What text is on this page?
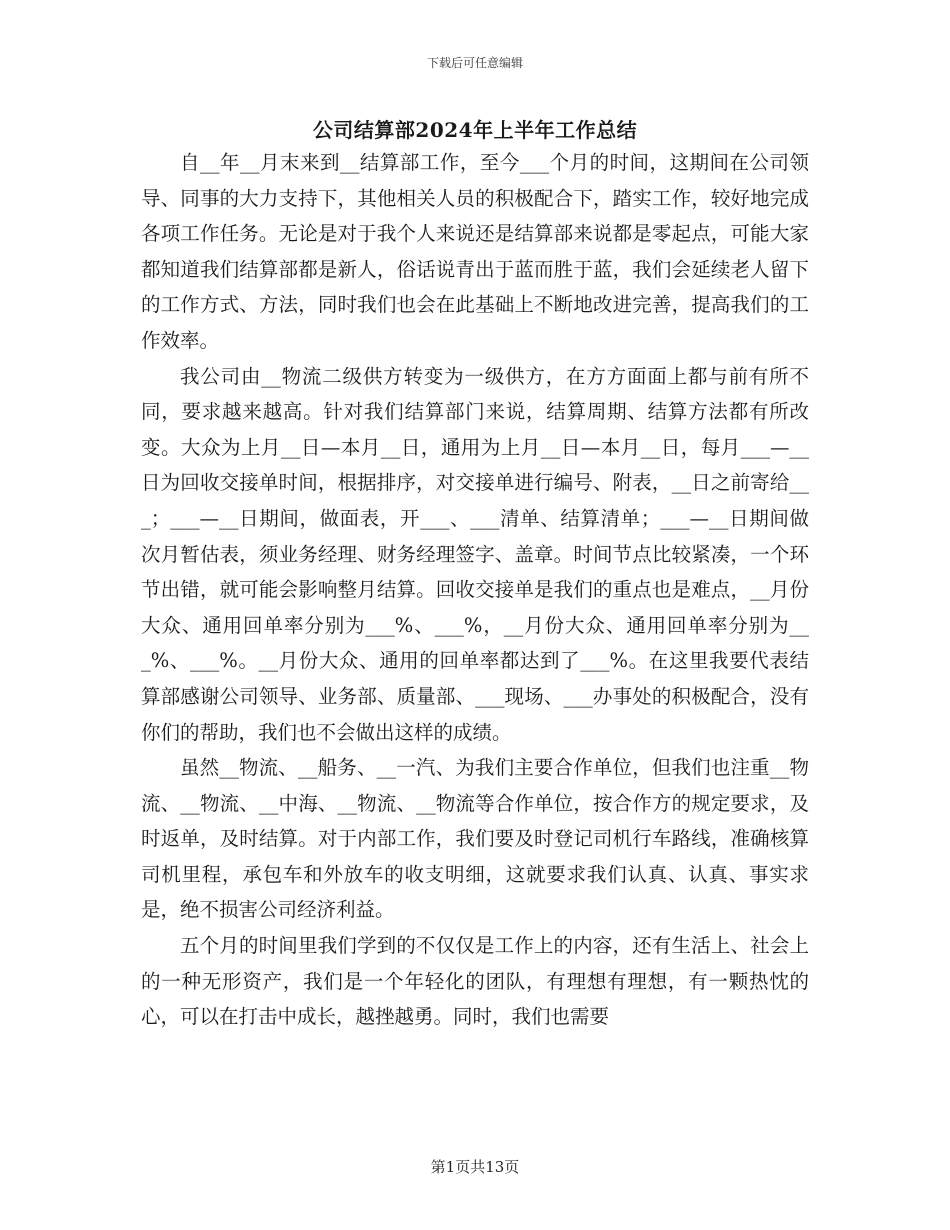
下载后可任意编辑
公司结算部2024年上半年工作总结

自__年__月末来到__结算部工作，至今___个月的时间，这期间在公司领导、同事的大力支持下，其他相关人员的积极配合下，踏实工作，较好地完成各项工作任务。无论是对于我个人来说还是结算部来说都是零起点，可能大家都知道我们结算部都是新人，俗话说青出于蓝而胜于蓝，我们会延续老人留下的工作方式、方法，同时我们也会在此基础上不断地改进完善，提高我们的工作效率。

我公司由__物流二级供方转变为一级供方，在方方面面上都与前有所不同，要求越来越高。针对我们结算部门来说，结算周期、结算方法都有所改变。大众为上月__日—本月__日，通用为上月__日—本月__日，每月___—__日为回收交接单时间，根据排序，对交接单进行编号、附表，__日之前寄给___；___—__日期间，做面表，开___、___清单、结算清单；___—__日期间做次月暂估表，须业务经理、财务经理签字、盖章。时间节点比较紧凑，一个环节出错，就可能会影响整月结算。回收交接单是我们的重点也是难点，__月份大众、通用回单率分别为___%、___%，__月份大众、通用回单率分别为___%、___%。__月份大众、通用的回单率都达到了___%。在这里我要代表结算部感谢公司领导、业务部、质量部、___现场、___办事处的积极配合，没有你们的帮助，我们也不会做出这样的成绩。

虽然__物流、__船务、__一汽、为我们主要合作单位，但我们也注重__物流、__物流、__中海、__物流、__物流等合作单位，按合作方的规定要求，及时返单，及时结算。对于内部工作，我们要及时登记司机行车路线，准确核算司机里程，承包车和外放车的收支明细，这就要求我们认真、认真、事实求是，绝不损害公司经济利益。

五个月的时间里我们学到的不仅仅是工作上的内容，还有生活上、社会上的一种无形资产，我们是一个年轻化的团队，有理想有理想，有一颗热忱的心，可以在打击中成长，越挫越勇。同时，我们也需要

第1页共13页
